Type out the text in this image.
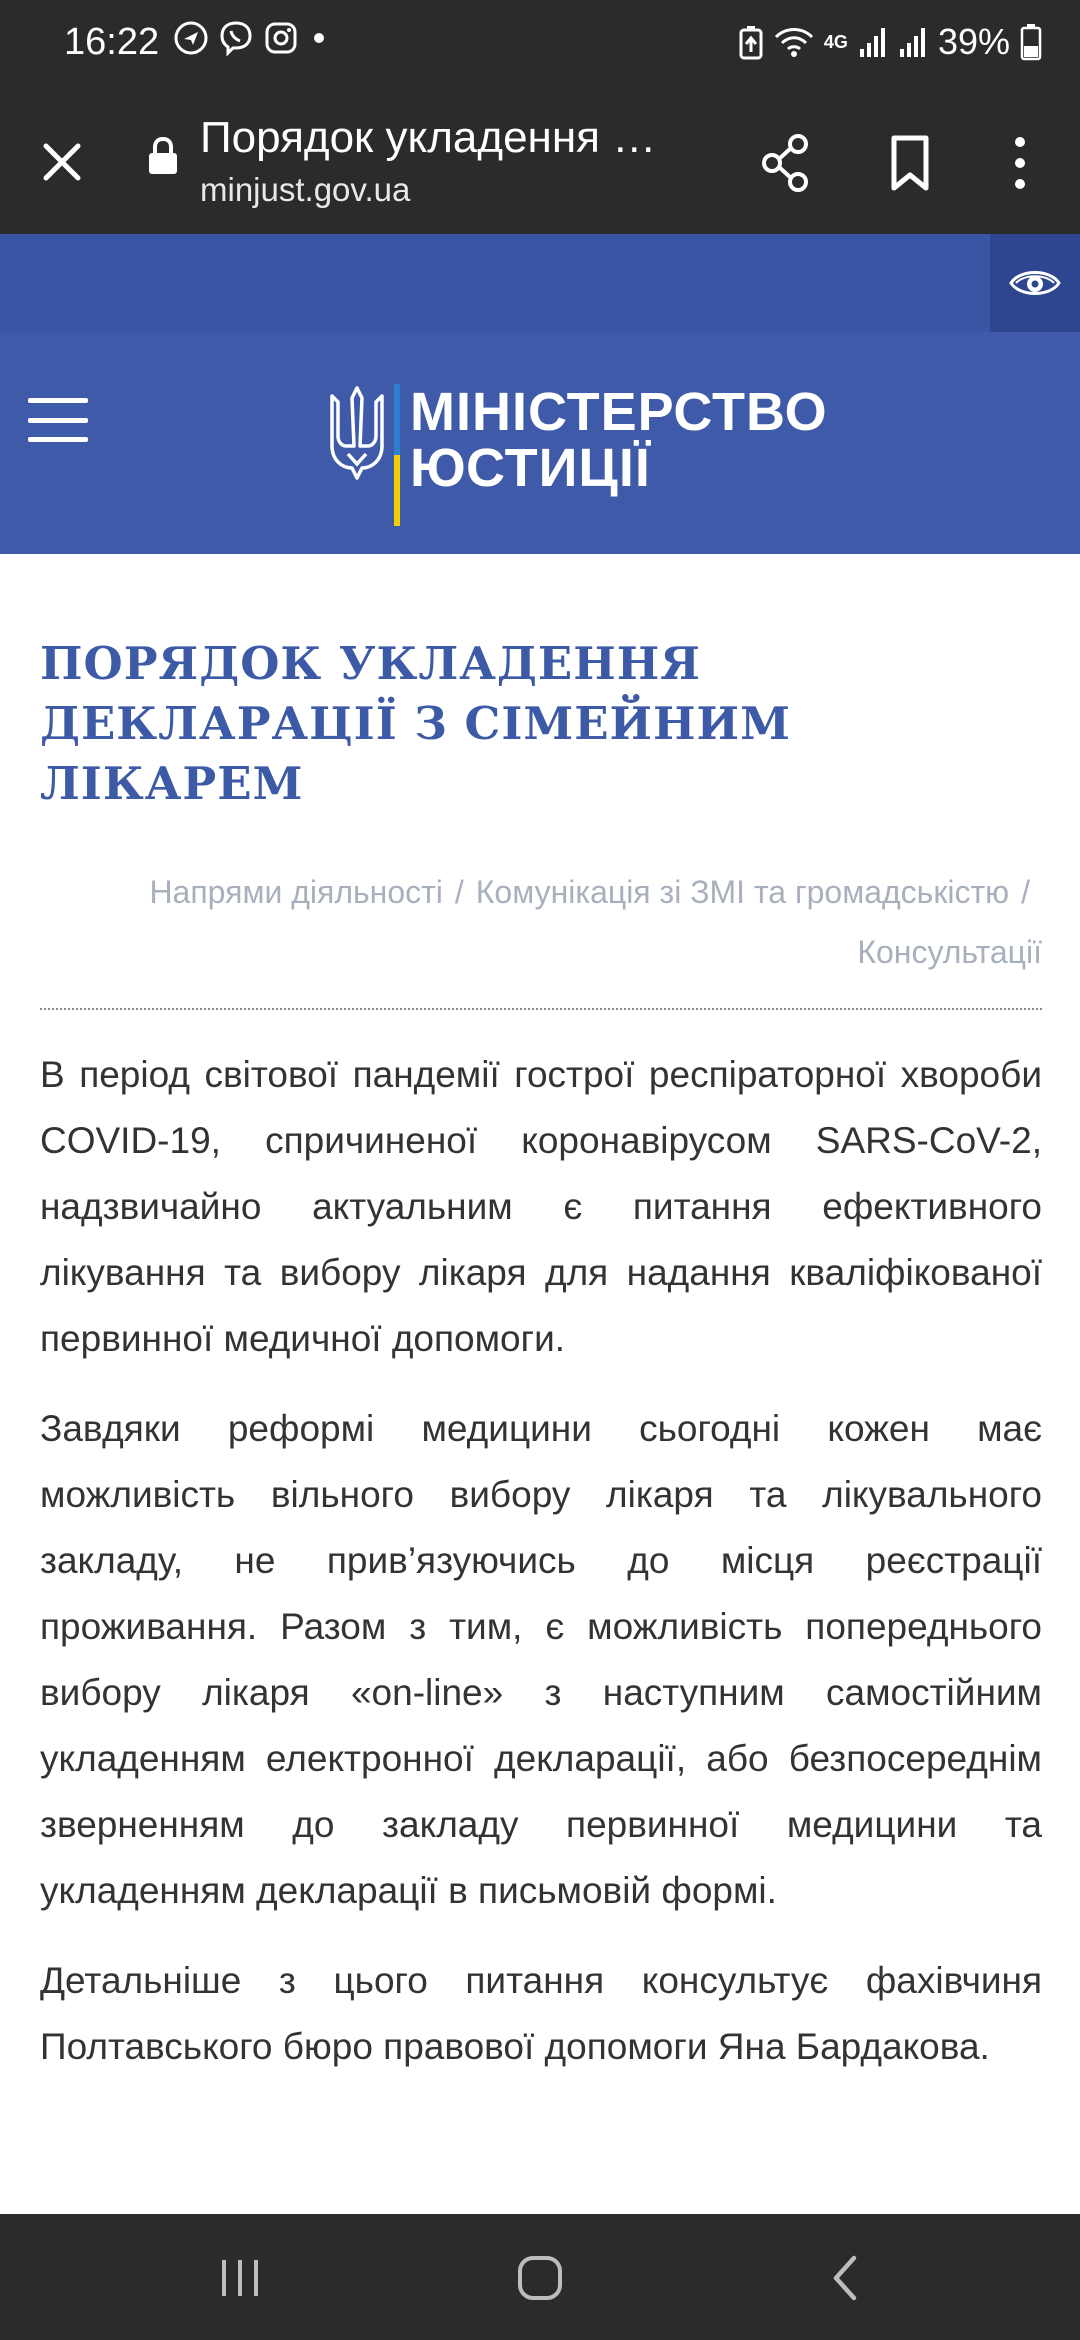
16:22	4G	39%
Порядок укладення …
minjust.gov.ua
МІНІСТЕРСТВО
ЮСТИЦІЇ
ПОРЯДОК УКЛАДЕННЯ ДЕКЛАРАЦІЇ З СІМЕЙНИМ ЛІКАРЕМ
Напрями діяльності / Комунікація зі ЗМІ та громадськістю /
Консультації

В період світової пандемії гострої респіраторної хвороби COVID-19, спричиненої коронавірусом SARS-CoV-2, надзвичайно актуальним є питання ефективного лікування та вибору лікаря для надання кваліфікованої первинної медичної допомоги.

Завдяки реформі медицини сьогодні кожен має можливість вільного вибору лікаря та лікувального закладу, не прив’язуючись до місця реєстрації проживання. Разом з тим, є можливість попереднього вибору лікаря «on-line» з наступним самостійним укладенням електронної декларації, або безпосереднім зверненням до закладу первинної медицини та укладенням декларації в письмовій формі.

Детальніше з цього питання консультує фахівчиня Полтавського бюро правової допомоги Яна Бардакова.
